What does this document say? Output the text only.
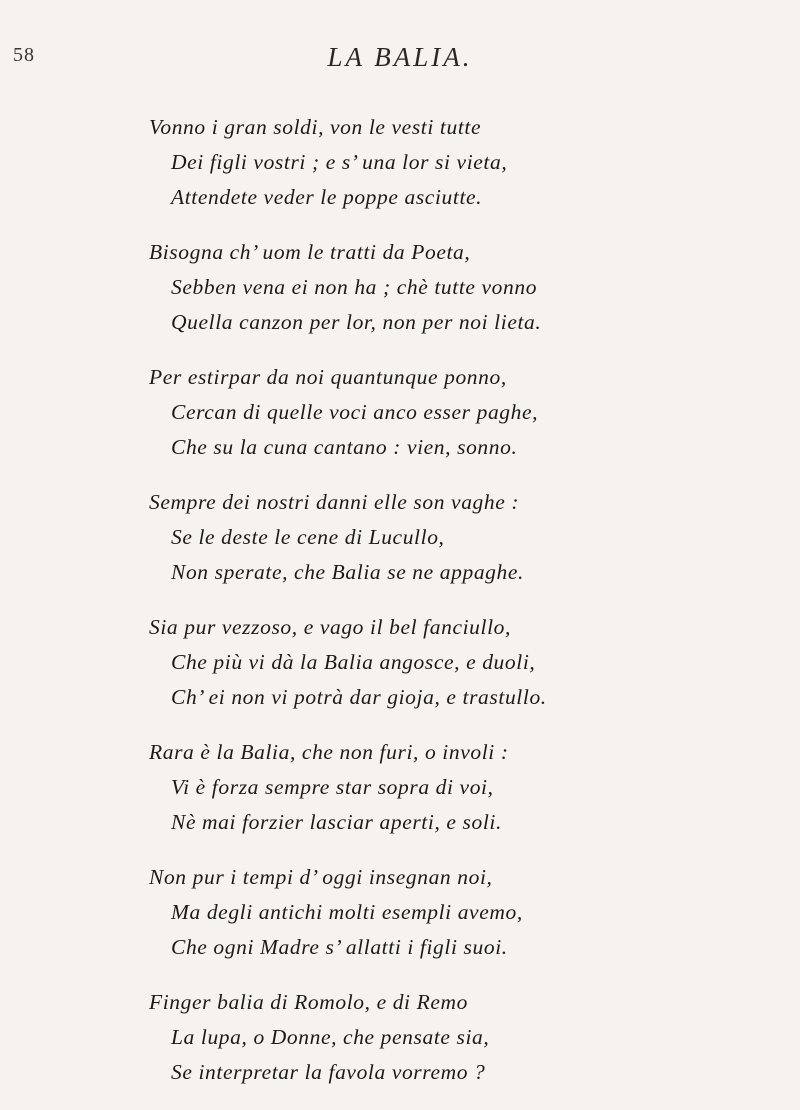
58	LA BALIA.
Vonno i gran soldi, von le vesti tutte
Dei figli vostri ; e s’ una lor si vieta,
Attendete veder le poppe asciutte.
Bisogna ch’ uom le tratti da Poeta,
Sebben vena ei non ha ; chè tutte vonno
Quella canzon per lor, non per noi lieta.
Per estirpar da noi quantunque ponno,
Cercan di quelle voci anco esser paghe,
Che su la cuna cantano : vien, sonno.
Sempre dei nostri danni elle son vaghe :
Se le deste le cene di Lucullo,
Non sperate, che Balia se ne appaghe.
Sia pur vezzoso, e vago il bel fanciullo,
Che più vi dà la Balia angosce, e duoli,
Ch’ ei non vi potrà dar gioja, e trastullo.
Rara è la Balia, che non furi, o involi :
Vi è forza sempre star sopra di voi,
Nè mai forzier lasciar aperti, e soli.
Non pur i tempi d’ oggi insegnan noi,
Ma degli antichi molti esempli avemo,
Che ogni Madre s’ allatti i figli suoi.
Finger balia di Romolo, e di Remo
La lupa, o Donne, che pensate sia,
Se interpretar la favola vorremo ?
